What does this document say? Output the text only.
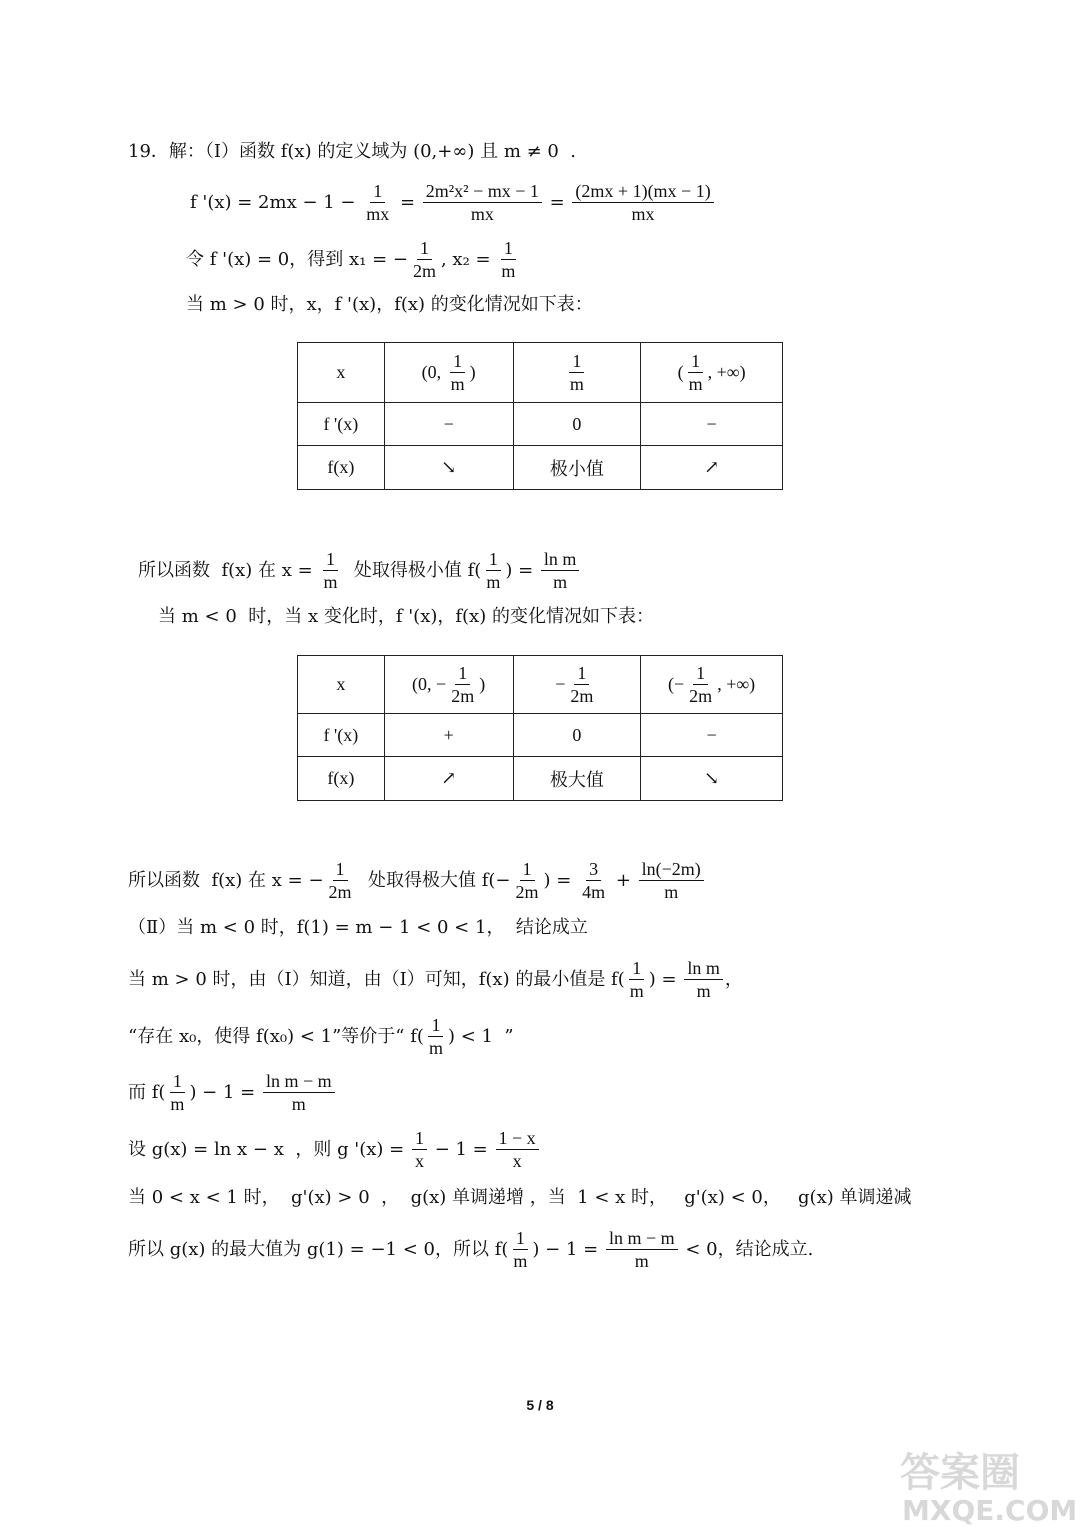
19．解：（Ⅰ）函数 f(x) 的定义域为 (0,+∞) 且 m ≠ 0 .
f '$(x) = 2mx - 1 - \frac{1}{mx} = \frac{\text{2m²x² − mx − 1}}{mx} = \frac{(2mx + 1)(mx - 1)}{mx}$
令 f '(x) = 0 ，得到 x₁ = − $\frac{1}{2m}$ , $x_2 = \frac{1}{m}$
当 m > 0 时， x ， f '(x) ， f(x) 的变化情况如下表：
所以函数 f(x) 在 $x = \frac{1}{m}$ 处取得极小值 $f( \frac{1}{m}$ ) = $\frac{\text{ln m}}{m}$
当 m < 0 时，当 x 变化时， f '(x) ， f(x) 的变化情况如下表：
所以函数 f(x) 在 x = − $\frac{1}{2m}$ 处取得极大值 $f(- \frac{1}{2m}$ ) = $\frac{3}{4m} + \frac{\ln(-2m)}{m}$
（Ⅱ）当 m < 0 时， f(1) = m − 1 < 0 < 1 ，  结论成立
当 m > 0 时，由（Ⅰ）知道，由（Ⅰ）可知， f(x) 的最小值是 $f( \frac{1}{m}$ ) = $\frac{\text{ln m}}{m}$ ，
“存在 x₀ ，使得 f(x₀) < 1 ”等价于“ $f( \frac{1}{m}$ ) < 1 ”
而 $f( \frac{1}{m}$ ) − $1 = \frac{\text{ln m − m}}{m}$
设 g(x) = ln x − x ，则 g '$(x) = \frac{1}{x} - 1 = \frac{1 - x}{x}$
当 0 < x < 1 时， g'(x) > 0 ， g(x) 单调递增 ，当 1 < x 时， g'(x) < 0 ， g(x) 单调递减
所以 g(x) 的最大值为 g(1) = −1 < 0 ，所以 $f( \frac{1}{m}$ ) − $1 = \frac{\text{ln m − m}}{m} < 0$ ，结论成立.
x	(0, $\frac{1}{m}$ )	$\frac{1}{m}$	( $\frac{1}{m}$ , +∞)

f '(x)	−	0	−

f(x)	↘	极小值	↗
x	(0, − $\frac{1}{2m}$ )	− $\frac{1}{2m}$	(− $\frac{1}{2m}$ , +∞)

f '(x)	+	0	−

f(x)	↗	极大值	↘
5 / 8
答案圈
MXQE.COM
